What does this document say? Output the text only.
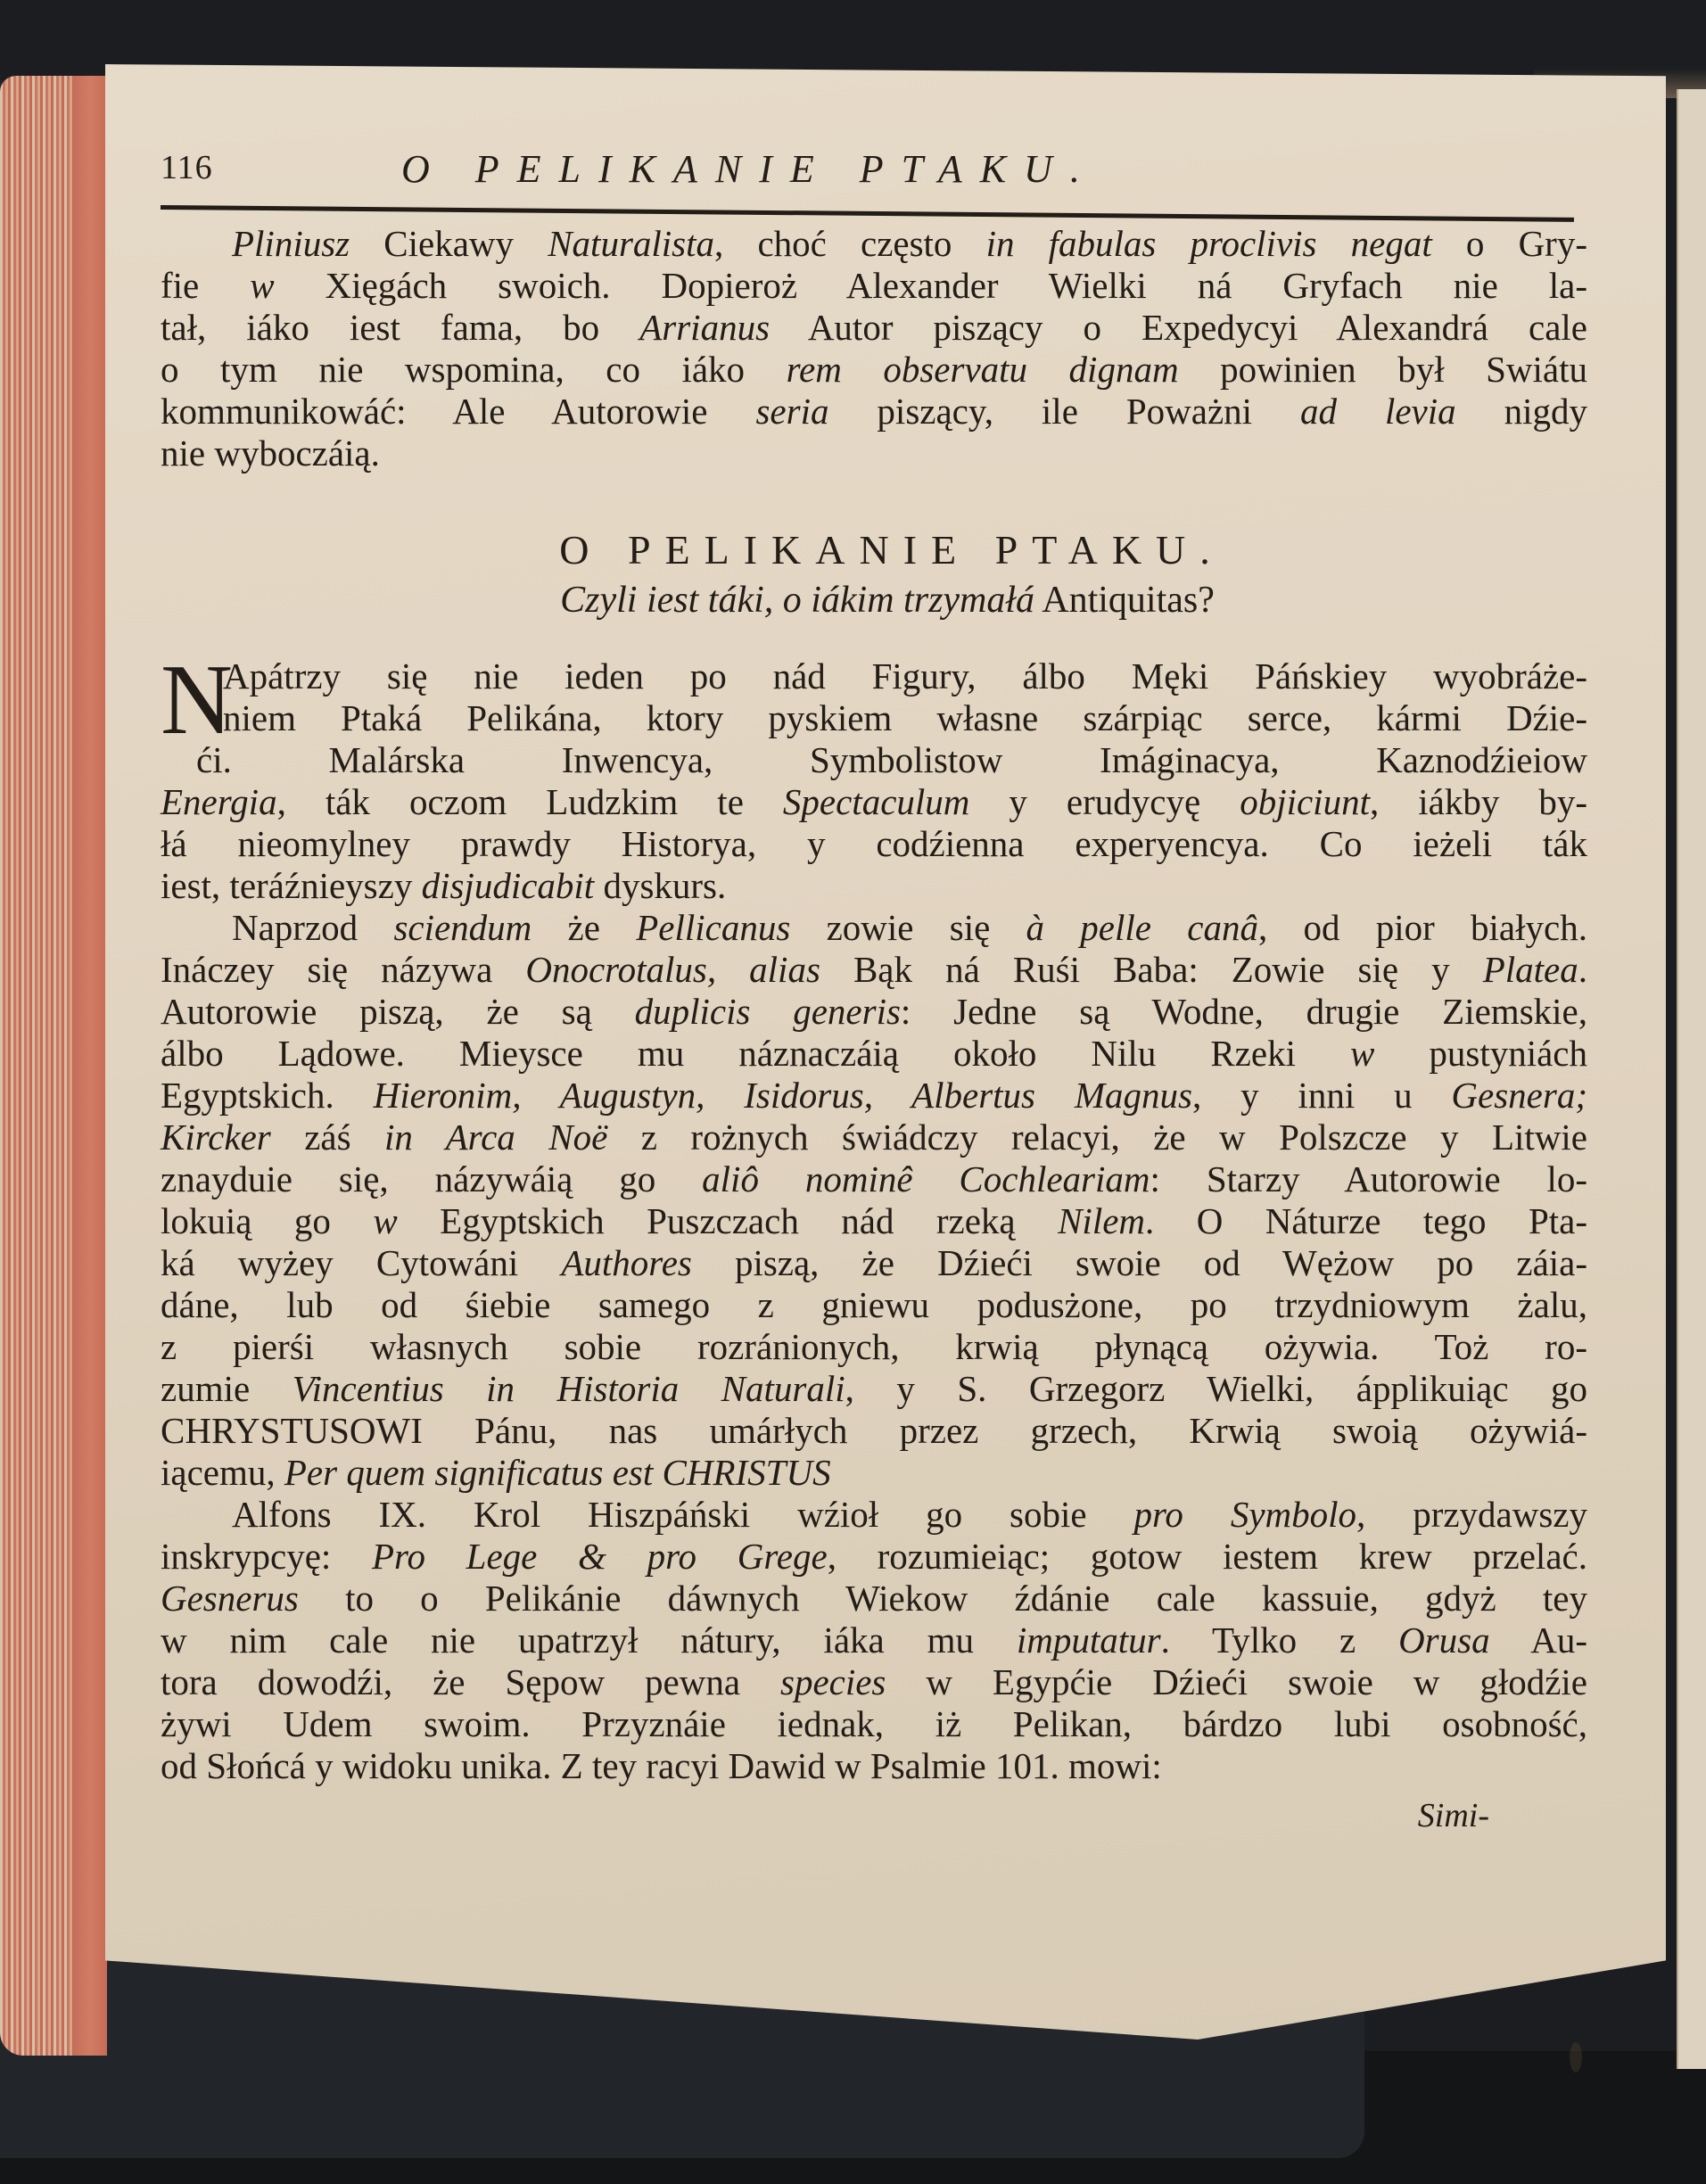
116	O PELIKANIE PTAKU.
Pliniusz Ciekawy Naturalista, choć często in fabulas proclivis negat o Gry-
fie w Xięgách swoich. Dopieroż Alexander Wielki ná Gryfach nie la-
tał, iáko iest fama, bo Arrianus Autor piszący o Expedycyi Alexandrá cale
o tym nie wspomina, co iáko rem observatu dignam powinien był Swiátu
kommunikowáć: Ale Autorowie seria piszący, ile Poważni ad levia nigdy
nie wyboczáią.
O PELIKANIE PTAKU.
Czyli iest táki, o iákim trzymałá Antiquitas?
N
Apátrzy się nie ieden po nád Figury, álbo Męki Páńskiey wyobráże-
niem Ptaká Pelikána, ktory pyskiem własne szárpiąc serce, kármi Dźie-
ći. Malárska Inwencya, Symbolistow Imáginacya, Kaznodźieiow
Energia, ták oczom Ludzkim te Spectaculum y erudycyę objiciunt, iákby by-
łá nieomylney prawdy Historya, y codźienna experyencya. Co ieżeli ták
iest, teráźnieyszy disjudicabit dyskurs.
Naprzod sciendum że Pellicanus zowie się à pelle canâ, od pior białych.
Ináczey się názywa Onocrotalus, alias Bąk ná Ruśi Baba: Zowie się y Platea.
Autorowie piszą, że są duplicis generis: Jedne są Wodne, drugie Ziemskie,
álbo Lądowe. Mieysce mu náznaczáią około Nilu Rzeki w pustyniách
Egyptskich. Hieronim, Augustyn, Isidorus, Albertus Magnus, y inni u Gesnera;
Kircker záś in Arca Noë z rożnych świádczy relacyi, że w Polszcze y Litwie
znayduie się, názywáią go aliô nominê Cochleariam: Starzy Autorowie lo-
lokuią go w Egyptskich Puszczach nád rzeką Nilem. O Náturze tego Pta-
ká wyżey Cytowáni Authores piszą, że Dźieći swoie od Wężow po záia-
dáne, lub od śiebie samego z gniewu podusżone, po trzydniowym żalu,
z pierśi własnych sobie rozránionych, krwią płynącą ożywia. Toż ro-
zumie Vincentius in Historia Naturali, y S. Grzegorz Wielki, ápplikuiąc go
CHRYSTUSOWI Pánu, nas umárłych przez grzech, Krwią swoią ożywiá-
iącemu, Per quem significatus est CHRISTUS
Alfons IX. Krol Hiszpáński wźioł go sobie pro Symbolo, przydawszy
inskrypcyę: Pro Lege & pro Grege, rozumieiąc; gotow iestem krew przelać.
Gesnerus to o Pelikánie dáwnych Wiekow źdánie cale kassuie, gdyż tey
w nim cale nie upatrzył nátury, iáka mu imputatur. Tylko z Orusa Au-
tora dowodźi, że Sępow pewna species w Egypćie Dźieći swoie w głodźie
żywi Udem swoim. Przyznáie iednak, iż Pelikan, bárdzo lubi osobność,
od Słońcá y widoku unika. Z tey racyi Dawid w Psalmie 101. mowi:
Simi-
